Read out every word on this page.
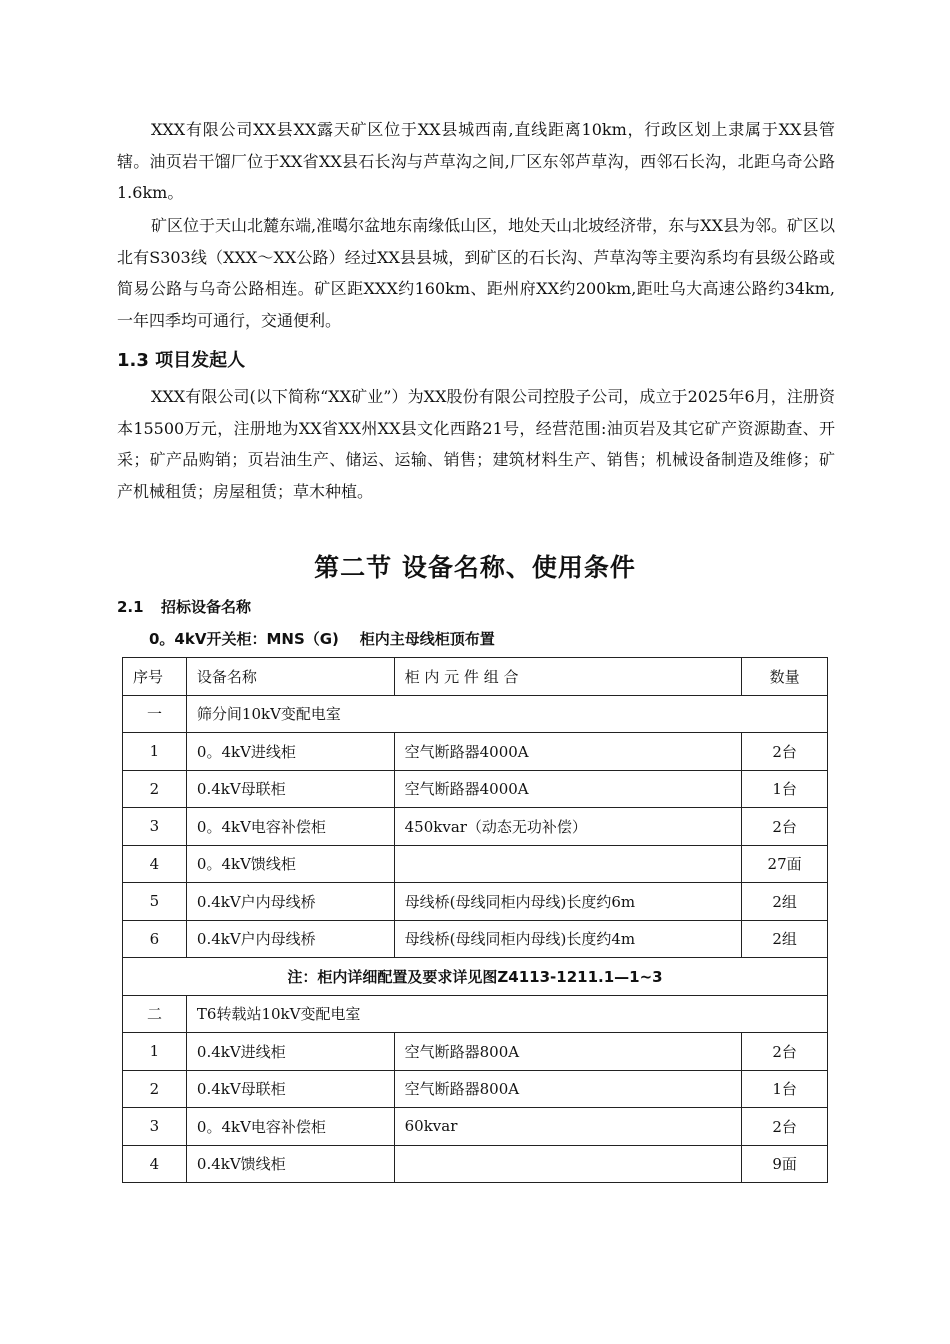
XXX有限公司XX县XX露天矿区位于XX县城西南,直线距离10km，行政区划上隶属于XX县管辖。油页岩干馏厂位于XX省XX县石长沟与芦草沟之间,厂区东邻芦草沟，西邻石长沟，北距乌奇公路1.6km。

矿区位于天山北麓东端,准噶尔盆地东南缘低山区，地处天山北坡经济带，东与XX县为邻。矿区以北有S303线（XXX～XX公路）经过XX县县城，到矿区的石长沟、芦草沟等主要沟系均有县级公路或简易公路与乌奇公路相连。矿区距XXX约160km、距州府XX约200km,距吐乌大高速公路约34km,一年四季均可通行，交通便利。

1.3 项目发起人

XXX有限公司(以下简称“XX矿业”）为XX股份有限公司控股子公司，成立于2025年6月，注册资本15500万元，注册地为XX省XX州XX县文化西路21号，经营范围:油页岩及其它矿产资源勘查、开采；矿产品购销；页岩油生产、储运、运输、销售；建筑材料生产、销售；机械设备制造及维修；矿产机械租赁；房屋租赁；草木种植。

第二节 设备名称、使用条件
2.1 招标设备名称
0。4kV开关柜：MNS（G)    柜内主母线柜顶布置
序号	设备名称	柜 内 元 件 组 合	数量
一	筛分间10kV变配电室		
1	0。4kV进线柜	空气断路器4000A	2台
2	0.4kV母联柜	空气断路器4000A	1台
3	0。4kV电容补偿柜	450kvar（动态无功补偿）	2台
4	0。4kV馈线柜		27面
5	0.4kV户内母线桥	母线桥(母线同柜内母线)长度约6m	2组
6	0.4kV户内母线桥	母线桥(母线同柜内母线)长度约4m	2组
注：柜内详细配置及要求详见图Z4113-1211.1—1~3			
二	T6转载站10kV变配电室		
1	0.4kV进线柜	空气断路器800A	2台
2	0.4kV母联柜	空气断路器800A	1台
3	0。4kV电容补偿柜	60kvar	2台
4	0.4kV馈线柜		9面
